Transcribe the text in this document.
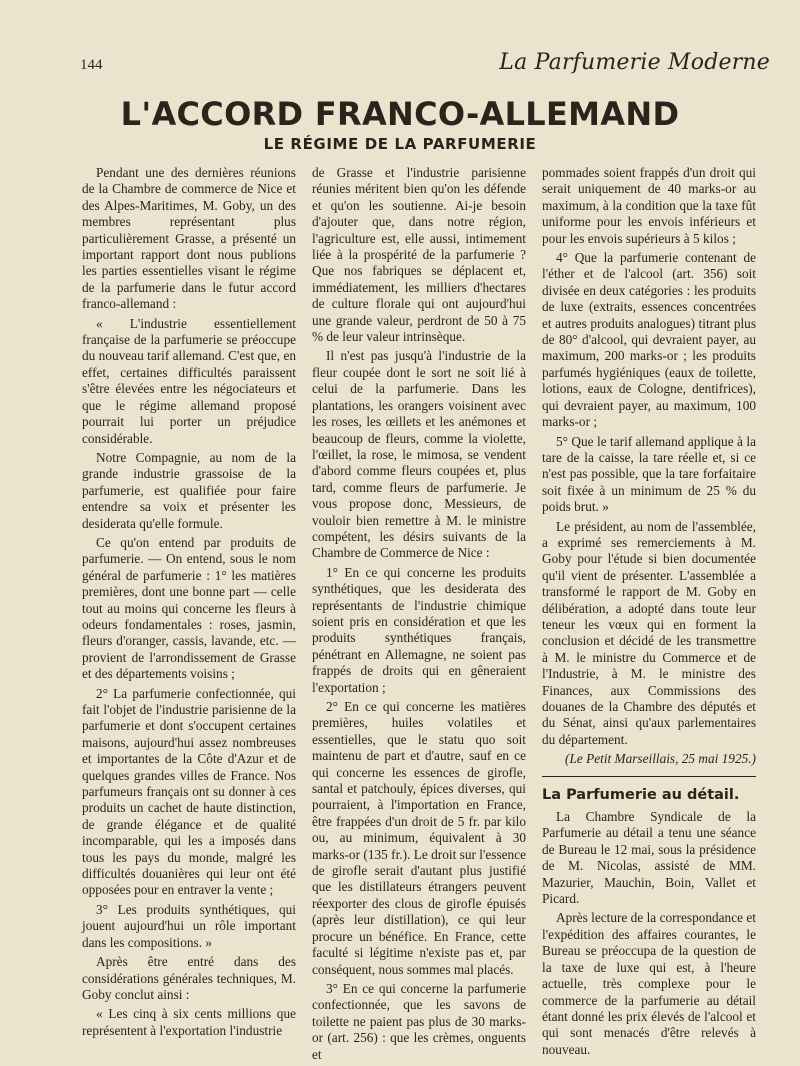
144	La Parfumerie Moderne
L'ACCORD FRANCO-ALLEMAND
LE RÉGIME DE LA PARFUMERIE

Pendant une des dernières réunions de la Chambre de commerce de Nice et des Alpes-Maritimes, M. Goby, un des membres représentant plus particulièrement Grasse, a présenté un important rapport dont nous publions les parties essentielles visant le régime de la parfumerie dans le futur accord franco-allemand :

« L'industrie essentiellement française de la parfumerie se préoccupe du nouveau tarif allemand. C'est que, en effet, certaines difficultés paraissent s'être élevées entre les négociateurs et que le régime allemand proposé pourrait lui porter un préjudice considérable.

Notre Compagnie, au nom de la grande industrie grassoise de la parfumerie, est qualifiée pour faire entendre sa voix et présenter les desiderata qu'elle formule.

Ce qu'on entend par produits de parfumerie. — On entend, sous le nom général de parfumerie : 1° les matières premières, dont une bonne part — celle tout au moins qui concerne les fleurs à odeurs fondamentales : roses, jasmin, fleurs d'oranger, cassis, lavande, etc. — provient de l'arrondissement de Grasse et des départements voisins ;

2° La parfumerie confectionnée, qui fait l'objet de l'industrie parisienne de la parfumerie et dont s'occupent certaines maisons, aujourd'hui assez nombreuses et importantes de la Côte d'Azur et de quelques grandes villes de France. Nos parfumeurs français ont su donner à ces produits un cachet de haute distinction, de grande élégance et de qualité incomparable, qui les a imposés dans tous les pays du monde, malgré les difficultés douanières qui leur ont été opposées pour en entraver la vente ;

3° Les produits synthétiques, qui jouent aujourd'hui un rôle important dans les compositions. »

Après être entré dans des considérations générales techniques, M. Goby conclut ainsi :

« Les cinq à six cents millions que représentent à l'exportation l'industrie

de Grasse et l'industrie parisienne réunies méritent bien qu'on les défende et qu'on les soutienne. Ai-je besoin d'ajouter que, dans notre région, l'agriculture est, elle aussi, intimement liée à la prospérité de la parfumerie ? Que nos fabriques se déplacent et, immédiatement, les milliers d'hectares de culture florale qui ont aujourd'hui une grande valeur, perdront de 50 à 75 % de leur valeur intrinsèque.

Il n'est pas jusqu'à l'industrie de la fleur coupée dont le sort ne soit lié à celui de la parfumerie. Dans les plantations, les orangers voisinent avec les roses, les œillets et les anémones et beaucoup de fleurs, comme la violette, l'œillet, la rose, le mimosa, se vendent d'abord comme fleurs coupées et, plus tard, comme fleurs de parfumerie. Je vous propose donc, Messieurs, de vouloir bien remettre à M. le ministre compétent, les désirs suivants de la Chambre de Commerce de Nice :

1° En ce qui concerne les produits synthétiques, que les desiderata des représentants de l'industrie chimique soient pris en considération et que les produits synthétiques français, pénétrant en Allemagne, ne soient pas frappés de droits qui en gêneraient l'exportation ;

2° En ce qui concerne les matières premières, huiles volatiles et essentielles, que le statu quo soit maintenu de part et d'autre, sauf en ce qui concerne les essences de girofle, santal et patchouly, épices diverses, qui pourraient, à l'importation en France, être frappées d'un droit de 5 fr. par kilo ou, au minimum, équivalent à 30 marks-or (135 fr.). Le droit sur l'essence de girofle serait d'autant plus justifié que les distillateurs étrangers peuvent réexporter des clous de girofle épuisés (après leur distillation), ce qui leur procure un bénéfice. En France, cette faculté si légitime n'existe pas et, par conséquent, nous sommes mal placés.

3° En ce qui concerne la parfumerie confectionnée, que les savons de toilette ne paient pas plus de 30 marks-or (art. 256) : que les crèmes, onguents et

pommades soient frappés d'un droit qui serait uniquement de 40 marks-or au maximum, à la condition que la taxe fût uniforme pour les envois inférieurs et pour les envois supérieurs à 5 kilos ;

4° Que la parfumerie contenant de l'éther et de l'alcool (art. 356) soit divisée en deux catégories : les produits de luxe (extraits, essences concentrées et autres produits analogues) titrant plus de 80° d'alcool, qui devraient payer, au maximum, 200 marks-or ; les produits parfumés hygiéniques (eaux de toilette, lotions, eaux de Cologne, dentifrices), qui devraient payer, au maximum, 100 marks-or ;

5° Que le tarif allemand applique à la tare de la caisse, la tare réelle et, si ce n'est pas possible, que la tare forfaitaire soit fixée à un minimum de 25 % du poids brut. »

Le président, au nom de l'assemblée, a exprimé ses remerciements à M. Goby pour l'étude si bien documentée qu'il vient de présenter. L'assemblée a transformé le rapport de M. Goby en délibération, a adopté dans toute leur teneur les vœux qui en forment la conclusion et décidé de les transmettre à M. le ministre du Commerce et de l'Industrie, à M. le ministre des Finances, aux Commissions des douanes de la Chambre des députés et du Sénat, ainsi qu'aux parlementaires du département.

(Le Petit Marseillais, 25 mai 1925.)

La Parfumerie au détail.

La Chambre Syndicale de la Parfumerie au détail a tenu une séance de Bureau le 12 mai, sous la présidence de M. Nicolas, assisté de MM. Mazurier, Mauchin, Boin, Vallet et Picard.

Après lecture de la correspondance et l'expédition des affaires courantes, le Bureau se préoccupa de la question de la taxe de luxe qui est, à l'heure actuelle, très complexe pour le commerce de la parfumerie au détail étant donné les prix élevés de l'alcool et qui sont menacés d'être relevés à nouveau.
